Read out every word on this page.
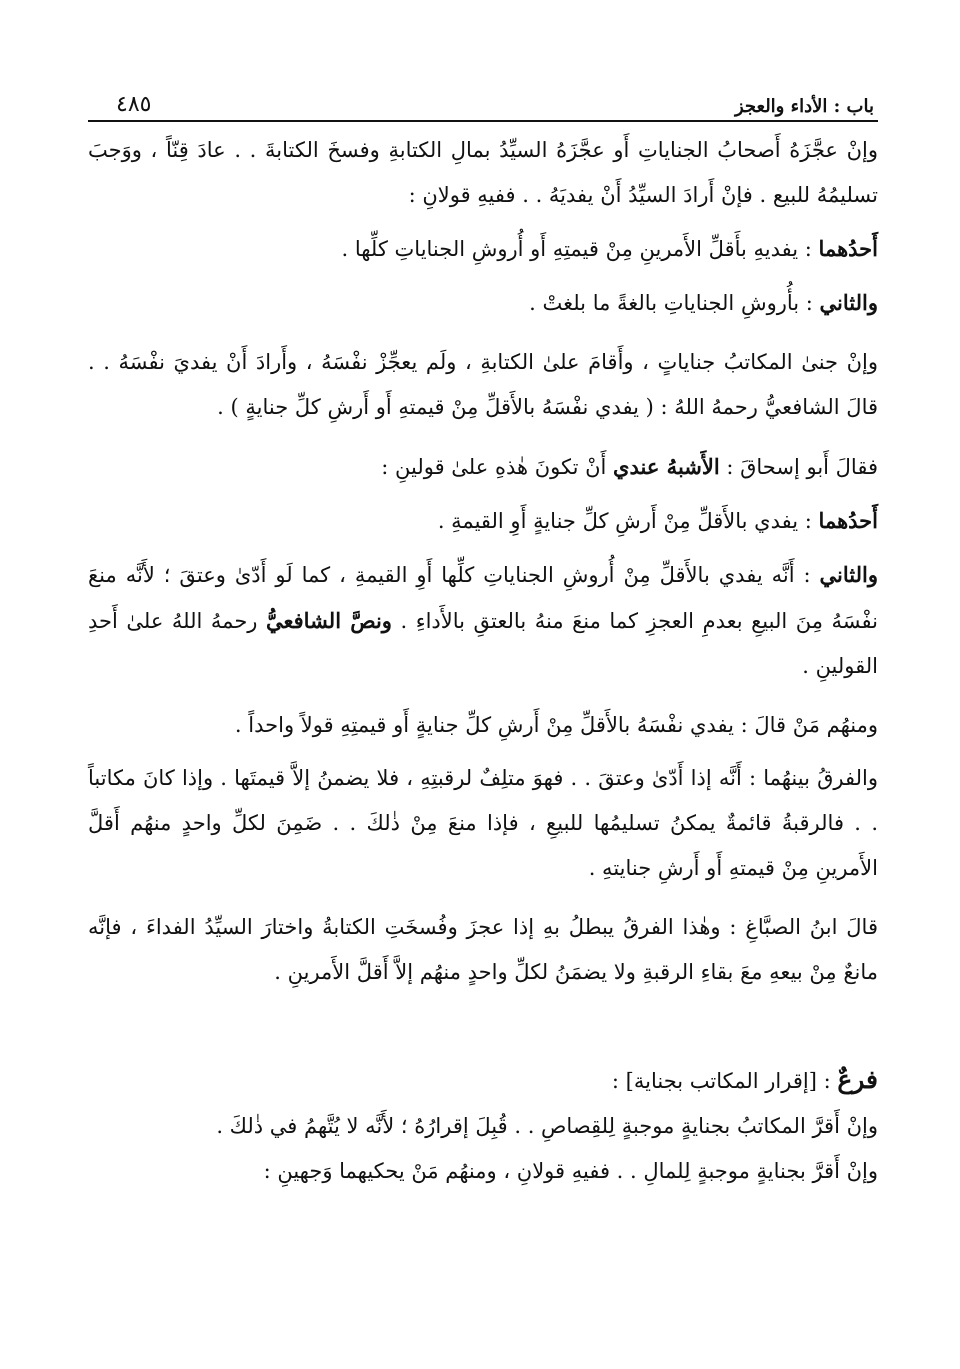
باب : الأداء والعجز
٤٨٥

وإنْ عجَّزَهُ أَصحابُ الجناياتِ أَو عجَّزَهُ السيِّدُ بمالِ الكتابةِ وفسخَ الكتابةَ . . عادَ قِنّاً ، ووَجبَ تسليمُهُ للبيع . فإنْ أَرادَ السيِّدُ أَنْ يفديَهُ . . ففيهِ قولانِ :

أَحدُهما : يفديهِ بأَقلِّ الأَمرينِ مِنْ قيمتِهِ أَو أُروشِ الجناياتِ كلِّها .

والثاني : بأُروشِ الجناياتِ بالغةً ما بلغتْ .

وإنْ جنىٰ المكاتبُ جناياتٍ ، وأَقامَ علىٰ الكتابةِ ، ولَم يعجِّزْ نفْسَهُ ، وأَرادَ أَنْ يفديَ نفْسَهُ . . قالَ الشافعيُّ رحمهُ اللهُ : ( يفدي نفْسَهُ بالأَقلِّ مِنْ قيمتهِ أَو أَرشِ كلِّ جنايةٍ ) .

فقالَ أَبو إسحاقَ : الأَشبهُ عندي أَنْ تكونَ هٰذهِ علىٰ قولينِ :

أَحدُهما : يفدي بالأَقلِّ مِنْ أَرشِ كلِّ جنايةٍ أَوِ القيمةِ .

والثاني : أَنَّه يفدي بالأَقلِّ مِنْ أُروشِ الجناياتِ كلِّها أَوِ القيمةِ ، كما لَو أَدّىٰ وعتقَ ؛ لأَنَّه منعَ نفْسَهُ مِنَ البيعِ بعدمِ العجزِ كما منعَ منهُ بالعتقِ بالأَداءِ . ونصَّ الشافعيُّ رحمهُ اللهُ علىٰ أَحدِ القولينِ .

ومنهُم مَنْ قالَ : يفدي نفْسَهُ بالأَقلِّ مِنْ أَرشِ كلِّ جنايةٍ أَو قيمتِهِ قولاً واحداً .

والفرقُ بينهُما : أَنَّه إذا أَدّىٰ وعتقَ . . فهوَ متلِفٌ لرقبتِهِ ، فلا يضمنُ إلاَّ قيمتَها . وإذا كانَ مكاتباً . . فالرقبةُ قائمةٌ يمكنُ تسليمُها للبيعِ ، فإذا منعَ مِنْ ذٰلكَ . . ضَمِنَ لكلِّ واحدٍ منهُم أَقلَّ الأَمرينِ مِنْ قيمتهِ أَو أَرشِ جنايتهِ .

قالَ ابنُ الصبَّاغِ : وهٰذا الفرقُ يبطلُ بهِ إذا عجزَ وفُسخَتِ الكتابةُ واختارَ السيِّدُ الفداءَ ، فإنَّه مانعٌ مِنْ بيعهِ معَ بقاءِ الرقبةِ ولا يضمَنُ لكلِّ واحدٍ منهُم إلاَّ أَقلَّ الأَمرينِ .

فرعٌ : [إقرار المكاتب بجناية] :
وإنْ أَقرَّ المكاتبُ بجنايةٍ موجبةٍ لِلقِصاصِ . . قُبِلَ إقرارُهُ ؛ لأَنَّه لا يُتَّهمُ في ذٰلكَ .
وإنْ أَقرَّ بجنايةٍ موجبةٍ لِلمالِ . . ففيهِ قولانِ ، ومنهُم مَنْ يحكيهما وَجهينِ :
